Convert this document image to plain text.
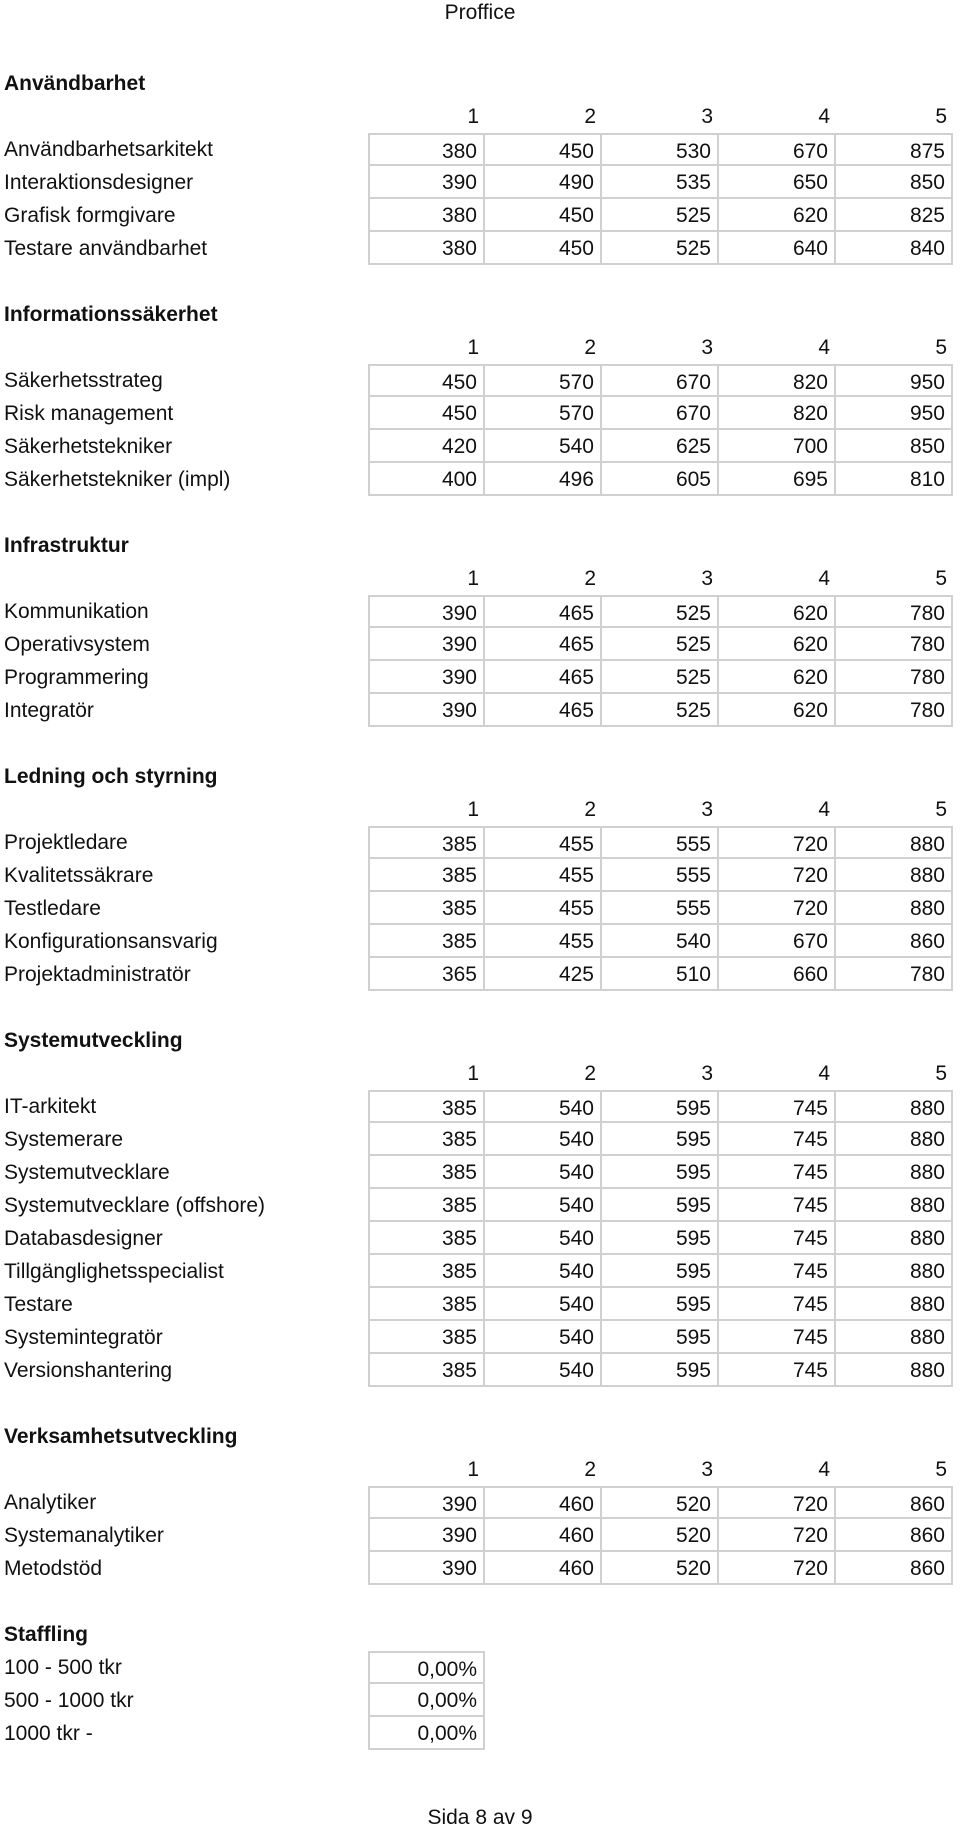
Proffice
Användbarhet
1	2	3	4	5
Användbarhetsarkitekt	380	450	530	670	875
Interaktionsdesigner	390	490	535	650	850
Grafisk formgivare	380	450	525	620	825
Testare användbarhet	380	450	525	640	840
Informationssäkerhet
1	2	3	4	5
Säkerhetsstrateg	450	570	670	820	950
Risk management	450	570	670	820	950
Säkerhetstekniker	420	540	625	700	850
Säkerhetstekniker (impl)	400	496	605	695	810
Infrastruktur
1	2	3	4	5
Kommunikation	390	465	525	620	780
Operativsystem	390	465	525	620	780
Programmering	390	465	525	620	780
Integratör	390	465	525	620	780
Ledning och styrning
1	2	3	4	5
Projektledare	385	455	555	720	880
Kvalitetssäkrare	385	455	555	720	880
Testledare	385	455	555	720	880
Konfigurationsansvarig	385	455	540	670	860
Projektadministratör	365	425	510	660	780
Systemutveckling
1	2	3	4	5
IT-arkitekt	385	540	595	745	880
Systemerare	385	540	595	745	880
Systemutvecklare	385	540	595	745	880
Systemutvecklare (offshore)	385	540	595	745	880
Databasdesigner	385	540	595	745	880
Tillgänglighetsspecialist	385	540	595	745	880
Testare	385	540	595	745	880
Systemintegratör	385	540	595	745	880
Versionshantering	385	540	595	745	880
Verksamhetsutveckling
1	2	3	4	5
Analytiker	390	460	520	720	860
Systemanalytiker	390	460	520	720	860
Metodstöd	390	460	520	720	860
Staffling
100 - 500 tkr	0,00%
500 - 1000 tkr	0,00%
1000 tkr -	0,00%
Sida 8 av 9
